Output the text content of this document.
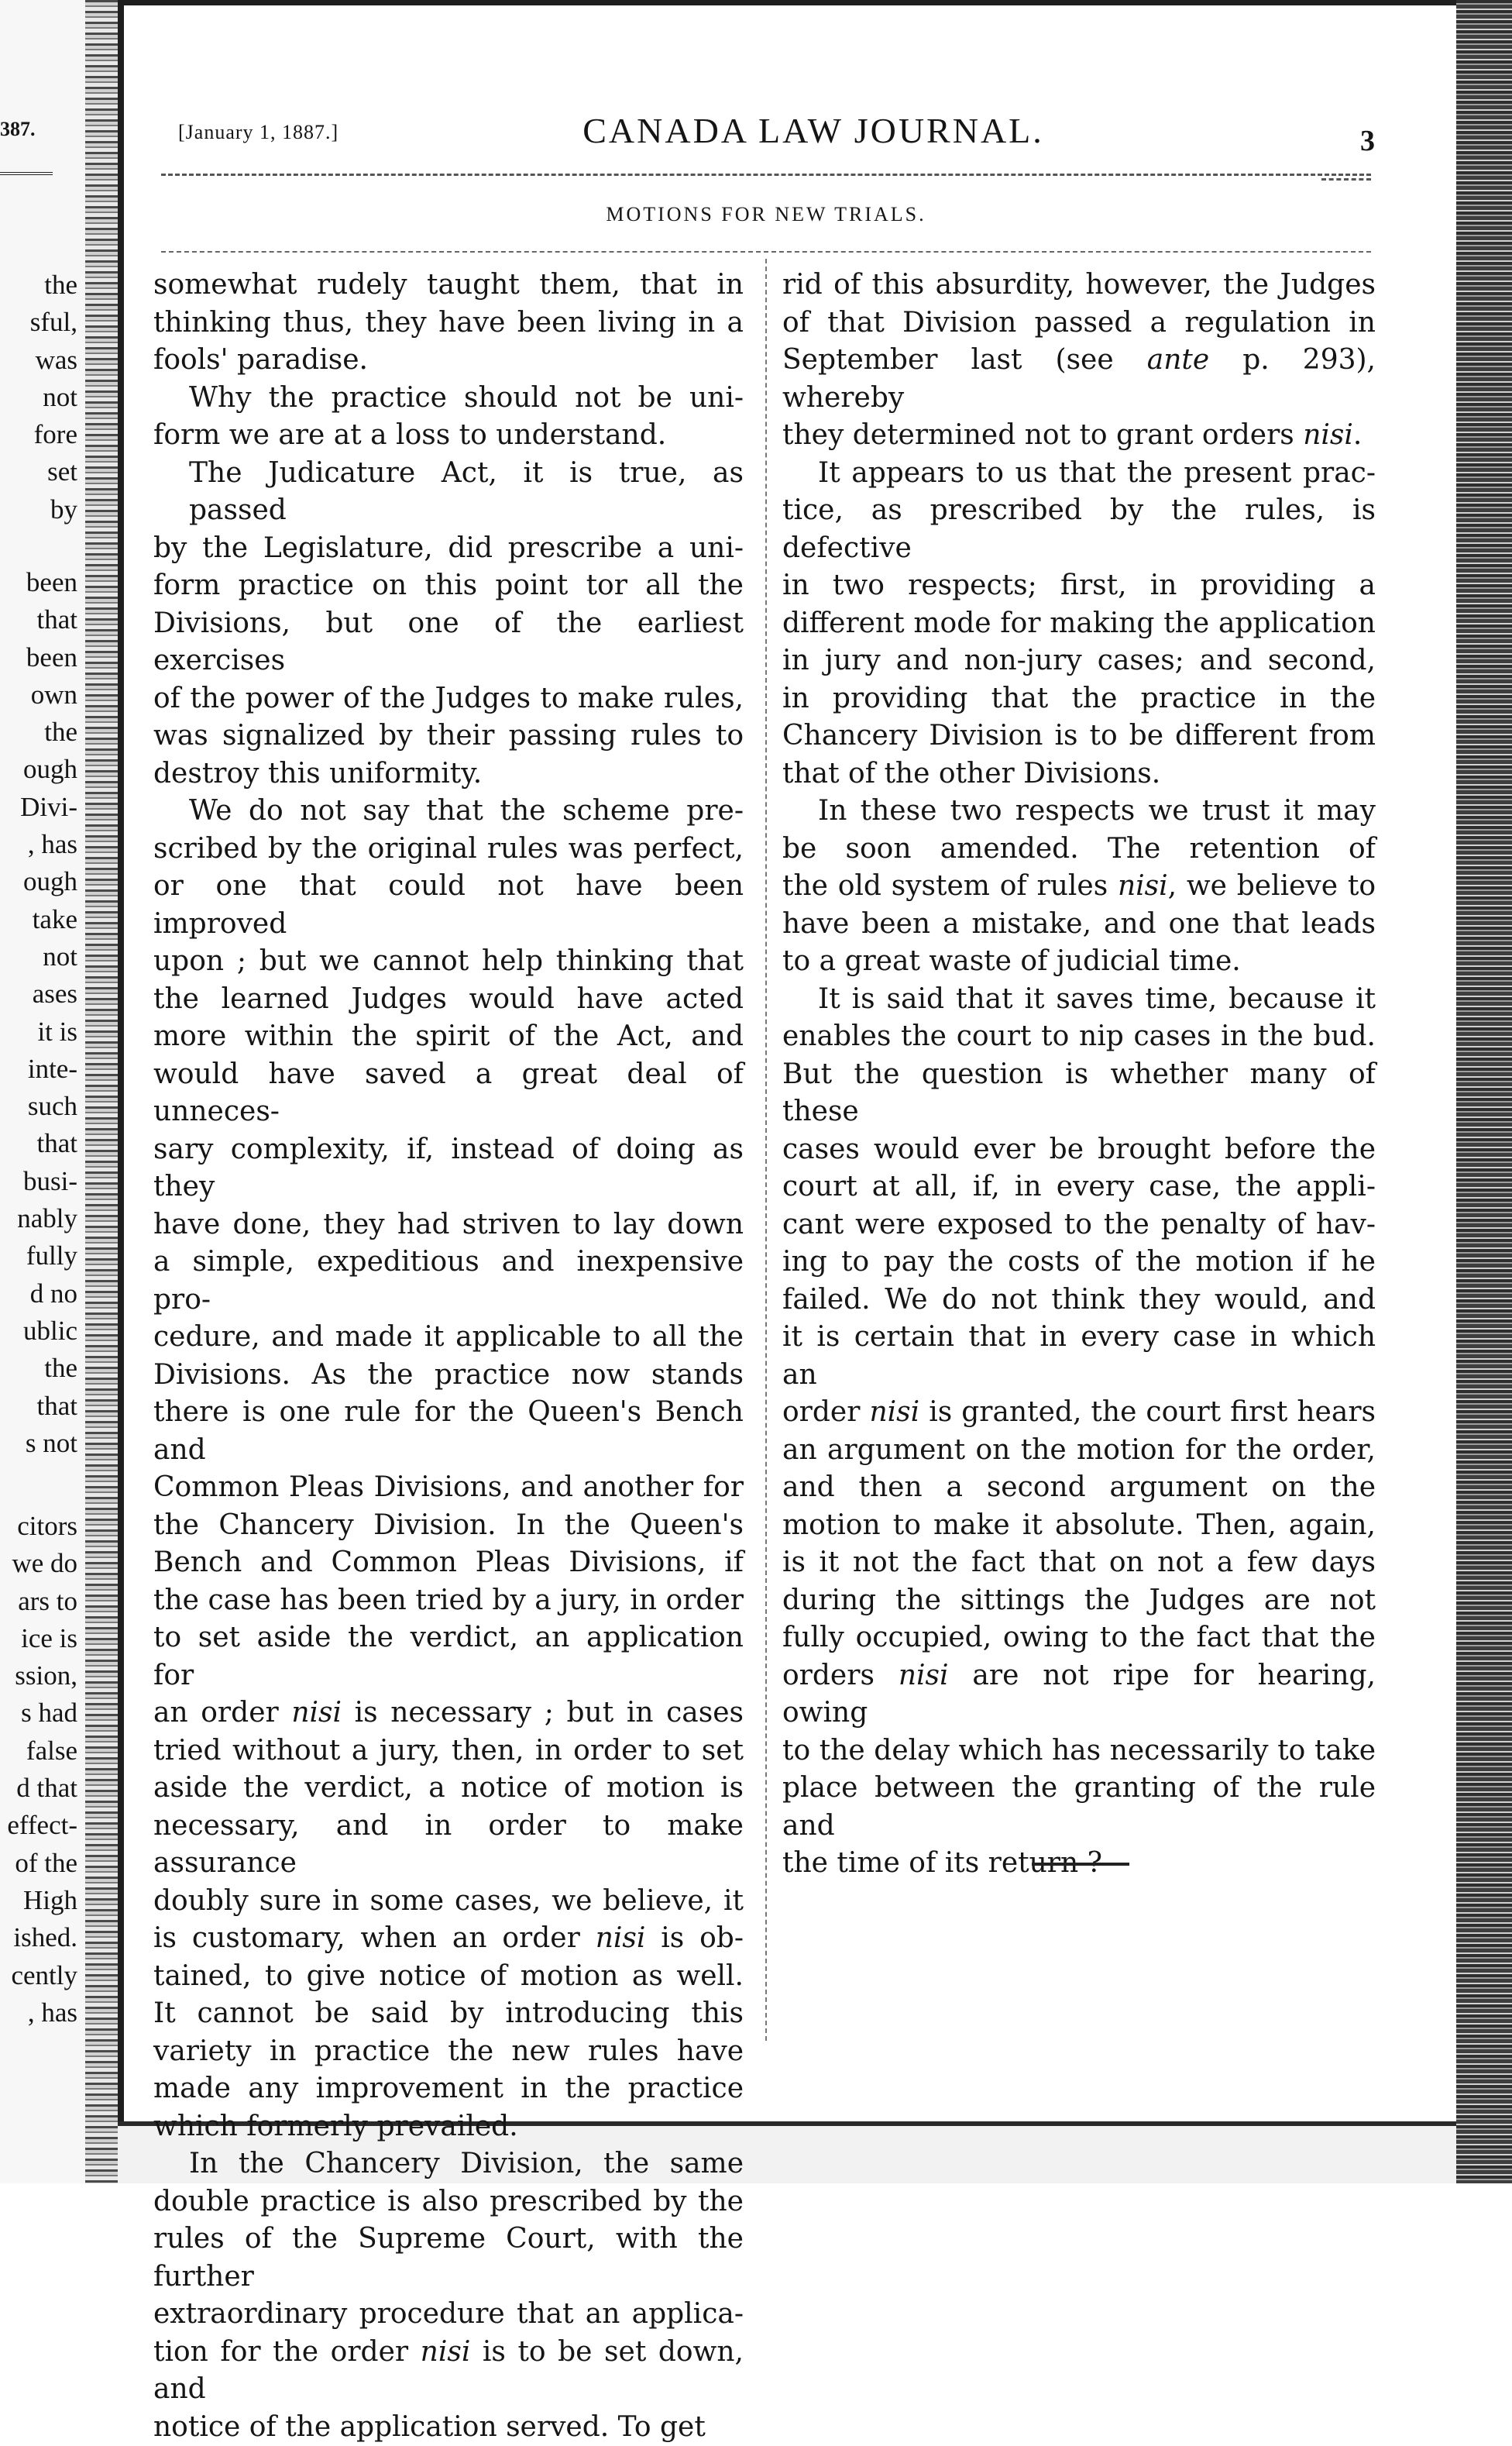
387.
the
sful,
was
not
fore
set
by
been
that
been
own
the
ough
Divi-
, has
ough
take
not
ases
it is
inte-
such
that
busi-
nably
fully
d no
ublic
the
that
s not
citors
we do
ars to
ice is
ssion,
s had
false
d that
effect-
of the
High
ished.
cently
, has
[January 1, 1887.]	CANADA LAW JOURNAL.	3
MOTIONS FOR NEW TRIALS.

somewhat rudely taught them, that in
thinking thus, they have been living in a
fools' paradise.

Why the practice should not be uni-
form we are at a loss to understand.

The Judicature Act, it is true, as passed
by the Legislature, did prescribe a uni-
form practice on this point tor all the
Divisions, but one of the earliest exercises
of the power of the Judges to make rules,
was signalized by their passing rules to
destroy this uniformity.

We do not say that the scheme pre-
scribed by the original rules was perfect,
or one that could not have been improved
upon ; but we cannot help thinking that
the learned Judges would have acted
more within the spirit of the Act, and
would have saved a great deal of unneces-
sary complexity, if, instead of doing as they
have done, they had striven to lay down
a simple, expeditious and inexpensive pro-
cedure, and made it applicable to all the
Divisions. As the practice now stands
there is one rule for the Queen's Bench and
Common Pleas Divisions, and another for
the Chancery Division. In the Queen's
Bench and Common Pleas Divisions, if
the case has been tried by a jury, in order
to set aside the verdict, an application for
an order nisi is necessary ; but in cases
tried without a jury, then, in order to set
aside the verdict, a notice of motion is
necessary, and in order to make assurance
doubly sure in some cases, we believe, it
is customary, when an order nisi is ob-
tained, to give notice of motion as well.
It cannot be said by introducing this
variety in practice the new rules have
made any improvement in the practice
which formerly prevailed.

In the Chancery Division, the same
double practice is also prescribed by the
rules of the Supreme Court, with the further
extraordinary procedure that an applica-
tion for the order nisi is to be set down, and
notice of the application served. To get

rid of this absurdity, however, the Judges
of that Division passed a regulation in
September last (see ante p. 293), whereby
they determined not to grant orders nisi.

It appears to us that the present prac-
tice, as prescribed by the rules, is defective
in two respects; first, in providing a
different mode for making the application
in jury and non-jury cases; and second,
in providing that the practice in the
Chancery Division is to be different from
that of the other Divisions.

In these two respects we trust it may
be soon amended. The retention of
the old system of rules nisi, we believe to
have been a mistake, and one that leads
to a great waste of judicial time.

It is said that it saves time, because it
enables the court to nip cases in the bud.
But the question is whether many of these
cases would ever be brought before the
court at all, if, in every case, the appli-
cant were exposed to the penalty of hav-
ing to pay the costs of the motion if he
failed. We do not think they would, and
it is certain that in every case in which an
order nisi is granted, the court first hears
an argument on the motion for the order,
and then a second argument on the
motion to make it absolute. Then, again,
is it not the fact that on not a few days
during the sittings the Judges are not
fully occupied, owing to the fact that the
orders nisi are not ripe for hearing, owing
to the delay which has necessarily to take
place between the granting of the rule and
the time of its return ?
